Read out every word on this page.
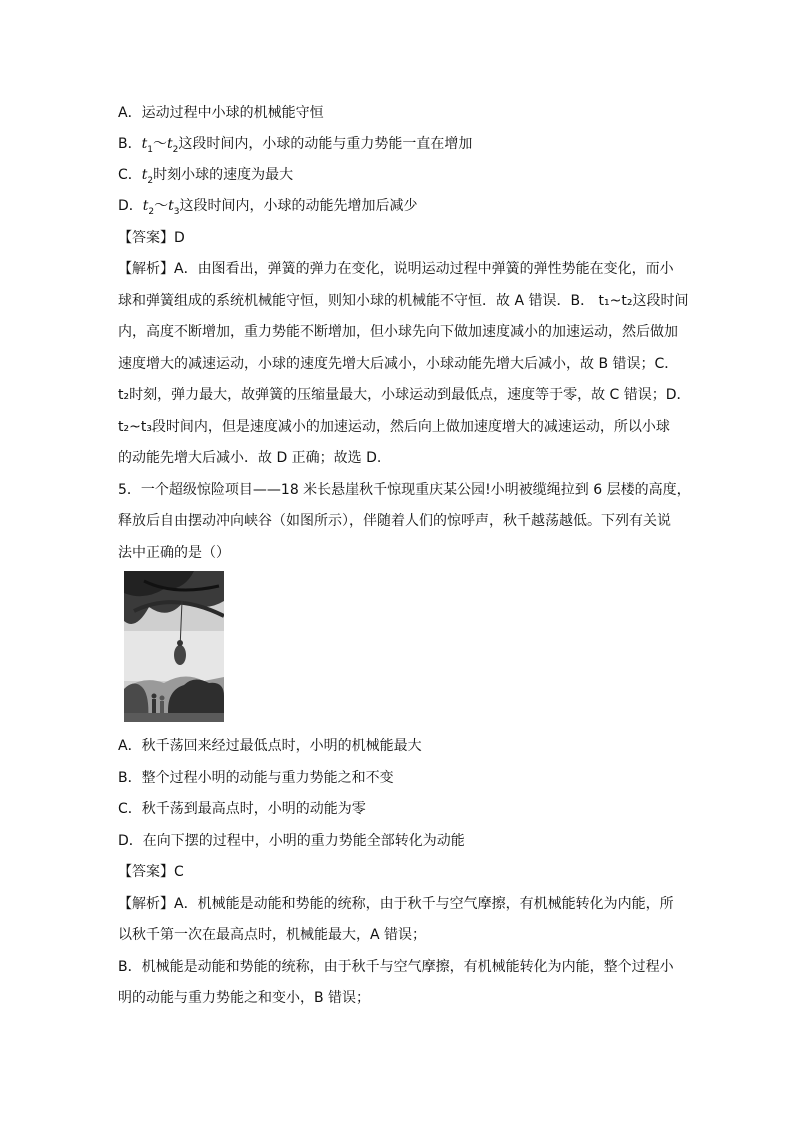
A．运动过程中小球的机械能守恒
B．$t_1\sim t_2$这段时间内，小球的动能与重力势能一直在增加
C．$t_2$时刻小球的速度为最大
D．$t_2\sim t_3$这段时间内，小球的动能先增加后减少
【答案】D
【解析】A．由图看出，弹簧的弹力在变化，说明运动过程中弹簧的弹性势能在变化，而小
球和弹簧组成的系统机械能守恒，则知小球的机械能不守恒．故 A 错误．B． t₁~t₂这段时间
内，高度不断增加，重力势能不断增加，但小球先向下做加速度减小的加速运动，然后做加
速度增大的减速运动，小球的速度先增大后减小，小球动能先增大后减小，故 B 错误；C．
t₂时刻，弹力最大，故弹簧的压缩量最大，小球运动到最低点，速度等于零，故 C 错误；D．
t₂~t₃段时间内，但是速度减小的加速运动，然后向上做加速度增大的减速运动，所以小球
的动能先增大后减小．故 D 正确；故选 D.
5．一个超级惊险项目——18 米长悬崖秋千惊现重庆某公园!小明被缆绳拉到 6 层楼的高度，
释放后自由摆动冲向峡谷（如图所示），伴随着人们的惊呼声，秋千越荡越低。下列有关说
法中正确的是（）
A．秋千荡回来经过最低点时，小明的机械能最大
B．整个过程小明的动能与重力势能之和不变
C．秋千荡到最高点时，小明的动能为零
D．在向下摆的过程中，小明的重力势能全部转化为动能
【答案】C
【解析】A．机械能是动能和势能的统称，由于秋千与空气摩擦，有机械能转化为内能，所
以秋千第一次在最高点时，机械能最大，A 错误；
B．机械能是动能和势能的统称，由于秋千与空气摩擦，有机械能转化为内能，整个过程小
明的动能与重力势能之和变小，B 错误；
